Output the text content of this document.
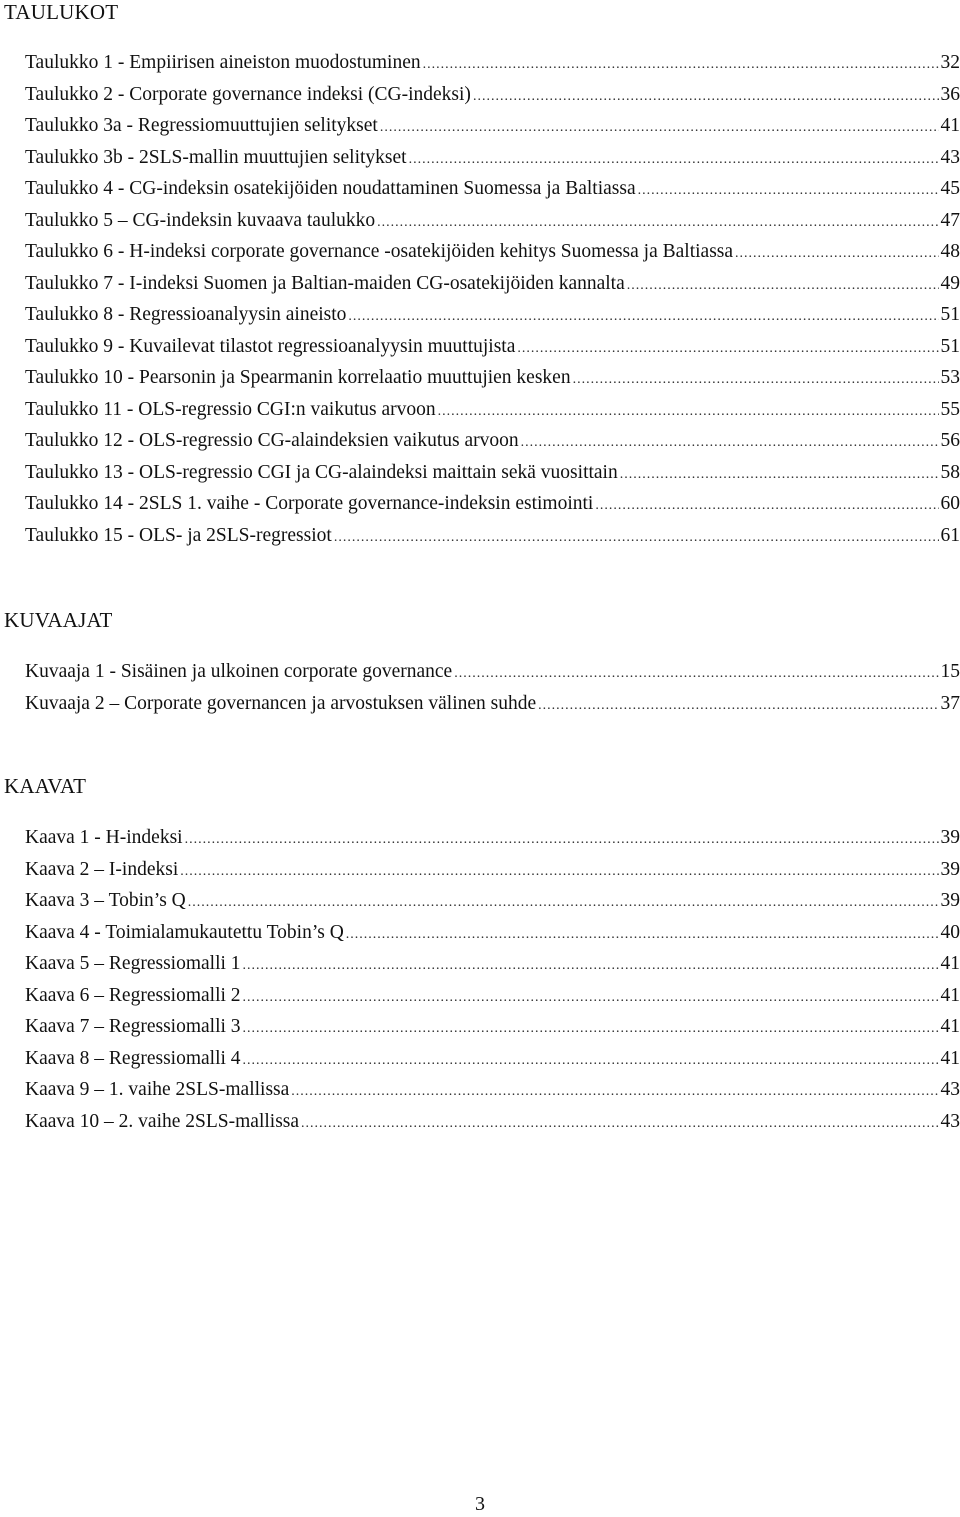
TAULUKOT
Taulukko 1 - Empiirisen aineiston muodostuminen .....	32
Taulukko 2 - Corporate governance indeksi (CG-indeksi) .....	36
Taulukko 3a - Regressiomuuttujien selitykset .....	41
Taulukko 3b - 2SLS-mallin muuttujien selitykset .....	43
Taulukko 4 - CG-indeksin osatekijöiden noudattaminen Suomessa ja Baltiassa .....	45
Taulukko 5 – CG-indeksin kuvaava taulukko .....	47
Taulukko 6 - H-indeksi corporate governance -osatekijöiden kehitys Suomessa ja Baltiassa .....	48
Taulukko 7 - I-indeksi Suomen ja Baltian-maiden CG-osatekijöiden kannalta .....	49
Taulukko 8 - Regressioanalyysin aineisto .....	51
Taulukko 9 - Kuvailevat tilastot regressioanalyysin muuttujista .....	51
Taulukko 10 - Pearsonin ja Spearmanin korrelaatio muuttujien kesken .....	53
Taulukko 11 - OLS-regressio CGI:n vaikutus arvoon .....	55
Taulukko 12 - OLS-regressio CG-alaindeksien vaikutus arvoon .....	56
Taulukko 13 - OLS-regressio CGI ja CG-alaindeksi maittain sekä vuosittain .....	58
Taulukko 14 - 2SLS 1. vaihe - Corporate governance-indeksin estimointi .....	60
Taulukko 15 - OLS- ja 2SLS-regressiot .....	61
KUVAAJAT
Kuvaaja 1 - Sisäinen ja ulkoinen corporate governance .....	15
Kuvaaja 2 – Corporate governancen ja arvostuksen välinen suhde .....	37
KAAVAT
Kaava 1 - H-indeksi .....	39
Kaava 2 – I-indeksi .....	39
Kaava 3 – Tobin’s Q .....	39
Kaava 4 - Toimialamukautettu Tobin’s Q .....	40
Kaava 5 – Regressiomalli 1 .....	41
Kaava 6 – Regressiomalli 2 .....	41
Kaava 7 – Regressiomalli 3 .....	41
Kaava 8 – Regressiomalli 4 .....	41
Kaava 9 – 1. vaihe 2SLS-mallissa .....	43
Kaava 10 – 2. vaihe 2SLS-mallissa .....	43
3
